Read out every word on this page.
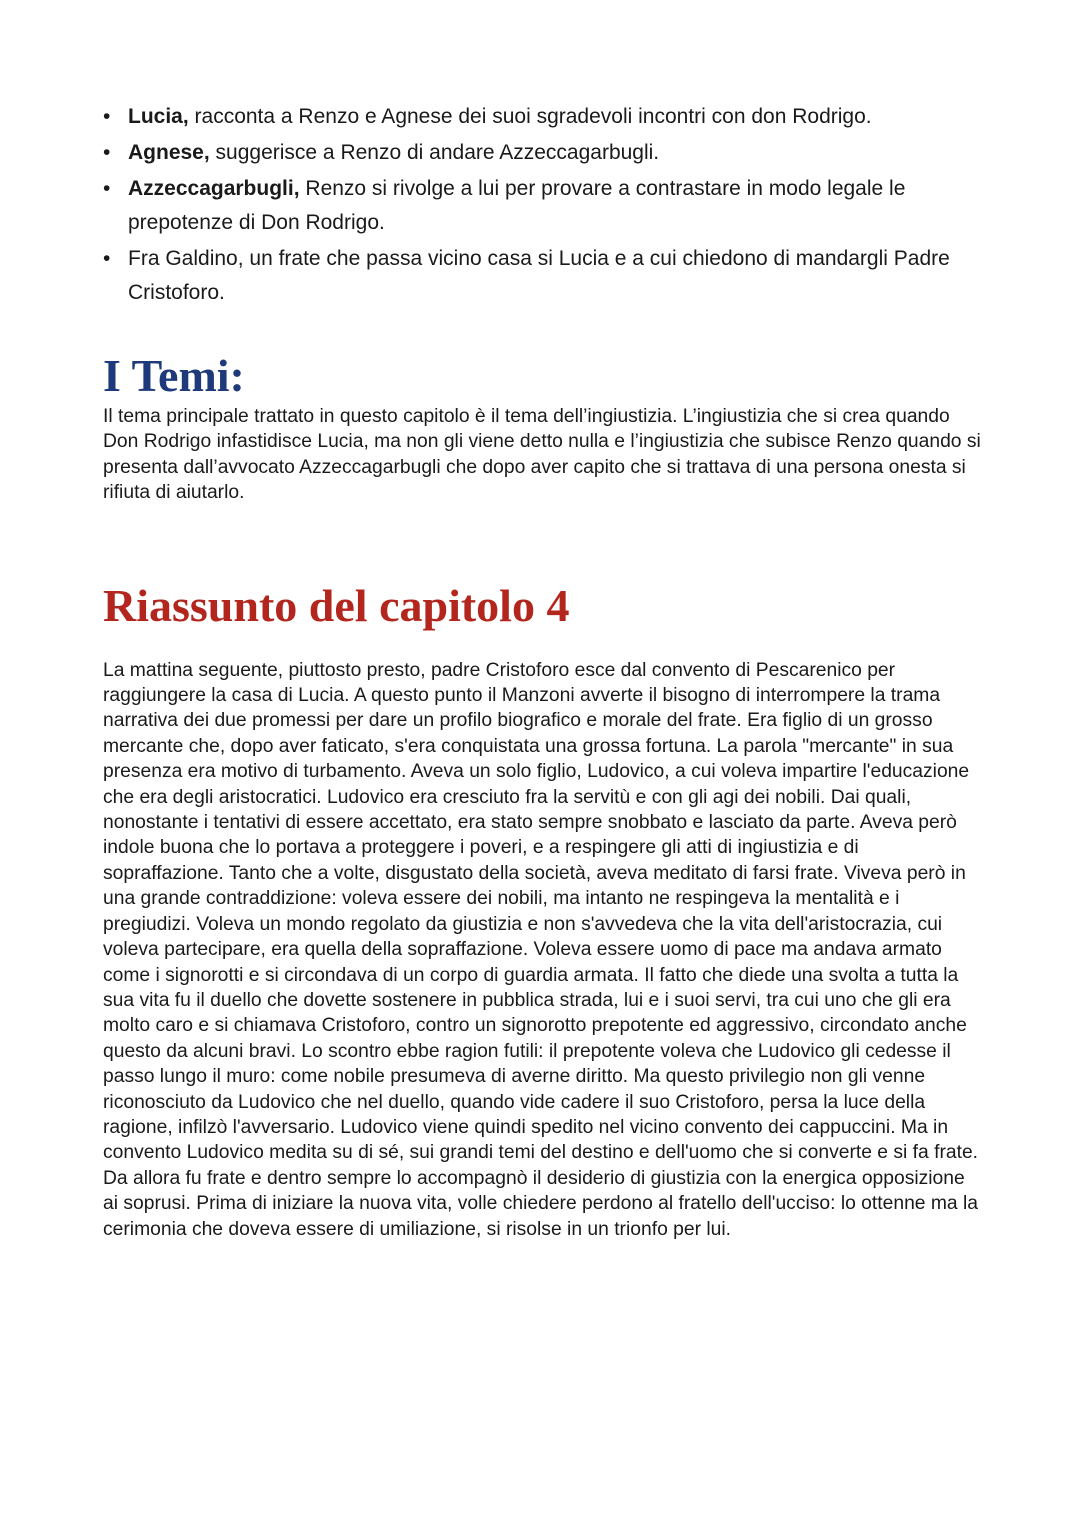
• Lucia, racconta a Renzo e Agnese dei suoi sgradevoli incontri con don Rodrigo.
• Agnese, suggerisce a Renzo di andare Azzeccagarbugli.
• Azzeccagarbugli, Renzo si rivolge a lui per provare a contrastare in modo legale le prepotenze di Don Rodrigo.
• Fra Galdino, un frate che passa vicino casa si Lucia e a cui chiedono di mandargli Padre Cristoforo.
I Temi:

Il tema principale trattato in questo capitolo è il tema dell’ingiustizia. L’ingiustizia che si crea quando Don Rodrigo infastidisce Lucia, ma non gli viene detto nulla e l’ingiustizia che subisce Renzo quando si presenta dall’avvocato Azzeccagarbugli che dopo aver capito che si trattava di una persona onesta si rifiuta di aiutarlo.

Riassunto del capitolo 4

La mattina seguente, piuttosto presto, padre Cristoforo esce dal convento di Pescarenico per raggiungere la casa di Lucia. A questo punto il Manzoni avverte il bisogno di interrompere la trama narrativa dei due promessi per dare un profilo biografico e morale del frate. Era figlio di un grosso mercante che, dopo aver faticato, s'era conquistata una grossa fortuna. La parola "mercante" in sua presenza era motivo di turbamento. Aveva un solo figlio, Ludovico, a cui voleva impartire l'educazione che era degli aristocratici. Ludovico era cresciuto fra la servitù e con gli agi dei nobili. Dai quali, nonostante i tentativi di essere accettato, era stato sempre snobbato e lasciato da parte. Aveva però indole buona che lo portava a proteggere i poveri, e a respingere gli atti di ingiustizia e di sopraffazione. Tanto che a volte, disgustato della società, aveva meditato di farsi frate. Viveva però in una grande contraddizione: voleva essere dei nobili, ma intanto ne respingeva la mentalità e i pregiudizi. Voleva un mondo regolato da giustizia e non s'avvedeva che la vita dell'aristocrazia, cui voleva partecipare, era quella della sopraffazione. Voleva essere uomo di pace ma andava armato come i signorotti e si circondava di un corpo di guardia armata. Il fatto che diede una svolta a tutta la sua vita fu il duello che dovette sostenere in pubblica strada, lui e i suoi servi, tra cui uno che gli era molto caro e si chiamava Cristoforo, contro un signorotto prepotente ed aggressivo, circondato anche questo da alcuni bravi. Lo scontro ebbe ragion futili: il prepotente voleva che Ludovico gli cedesse il passo lungo il muro: come nobile presumeva di averne diritto. Ma questo privilegio non gli venne riconosciuto da Ludovico che nel duello, quando vide cadere il suo Cristoforo, persa la luce della ragione, infilzò l'avversario. Ludovico viene quindi spedito nel vicino convento dei cappuccini. Ma in convento Ludovico medita su di sé, sui grandi temi del destino e dell'uomo che si converte e si fa frate. Da allora fu frate e dentro sempre lo accompagnò il desiderio di giustizia con la energica opposizione ai soprusi. Prima di iniziare la nuova vita, volle chiedere perdono al fratello dell'ucciso: lo ottenne ma la cerimonia che doveva essere di umiliazione, si risolse in un trionfo per lui.
